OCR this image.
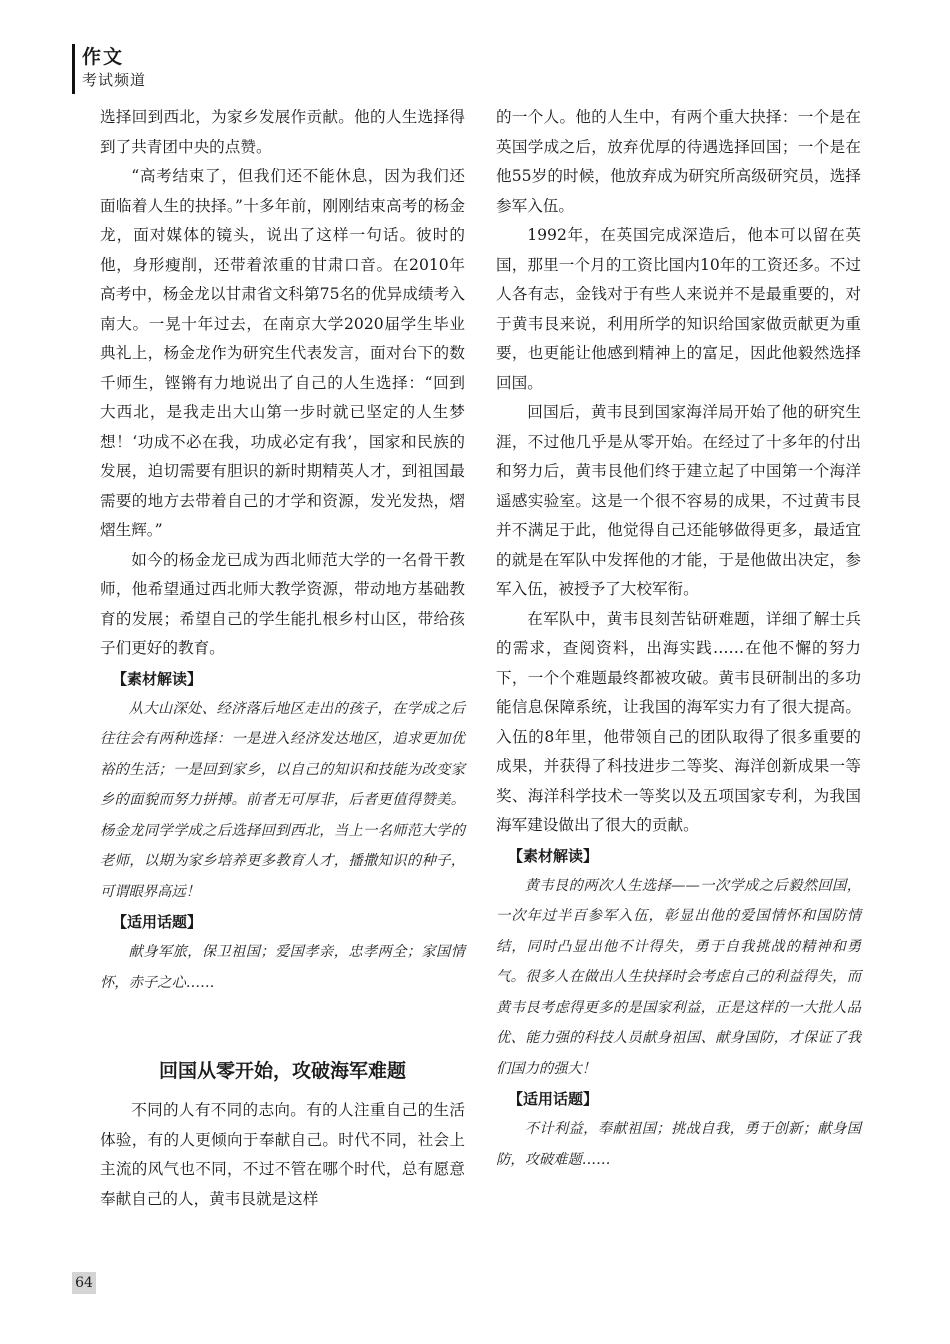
作文
考试频道

选择回到西北，为家乡发展作贡献。他的人生选择得到了共青团中央的点赞。

“高考结束了，但我们还不能休息，因为我们还面临着人生的抉择。”十多年前，刚刚结束高考的杨金龙，面对媒体的镜头，说出了这样一句话。彼时的他，身形瘦削，还带着浓重的甘肃口音。在2010年高考中，杨金龙以甘肃省文科第75名的优异成绩考入南大。一晃十年过去，在南京大学2020届学生毕业典礼上，杨金龙作为研究生代表发言，面对台下的数千师生，铿锵有力地说出了自己的人生选择：“回到大西北，是我走出大山第一步时就已坚定的人生梦想！‘功成不必在我，功成必定有我’，国家和民族的发展，迫切需要有胆识的新时期精英人才，到祖国最需要的地方去带着自己的才学和资源，发光发热，熠熠生辉。”

如今的杨金龙已成为西北师范大学的一名骨干教师，他希望通过西北师大教学资源，带动地方基础教育的发展；希望自己的学生能扎根乡村山区，带给孩子们更好的教育。

【素材解读】

从大山深处、经济落后地区走出的孩子，在学成之后往往会有两种选择：一是进入经济发达地区，追求更加优裕的生活；一是回到家乡，以自己的知识和技能为改变家乡的面貌而努力拼搏。前者无可厚非，后者更值得赞美。杨金龙同学学成之后选择回到西北，当上一名师范大学的老师，以期为家乡培养更多教育人才，播撒知识的种子，可谓眼界高远！

【适用话题】

献身军旅，保卫祖国；爱国孝亲，忠孝两全；家国情怀，赤子之心……

回国从零开始，攻破海军难题

不同的人有不同的志向。有的人注重自己的生活体验，有的人更倾向于奉献自己。时代不同，社会上主流的风气也不同，不过不管在哪个时代，总有愿意奉献自己的人，黄韦艮就是这样

的一个人。他的人生中，有两个重大抉择：一个是在英国学成之后，放弃优厚的待遇选择回国；一个是在他55岁的时候，他放弃成为研究所高级研究员，选择参军入伍。

1992年，在英国完成深造后，他本可以留在英国，那里一个月的工资比国内10年的工资还多。不过人各有志，金钱对于有些人来说并不是最重要的，对于黄韦艮来说，利用所学的知识给国家做贡献更为重要，也更能让他感到精神上的富足，因此他毅然选择回国。

回国后，黄韦艮到国家海洋局开始了他的研究生涯，不过他几乎是从零开始。在经过了十多年的付出和努力后，黄韦艮他们终于建立起了中国第一个海洋遥感实验室。这是一个很不容易的成果，不过黄韦艮并不满足于此，他觉得自己还能够做得更多，最适宜的就是在军队中发挥他的才能，于是他做出决定，参军入伍，被授予了大校军衔。

在军队中，黄韦艮刻苦钻研难题，详细了解士兵的需求，查阅资料，出海实践……在他不懈的努力下，一个个难题最终都被攻破。黄韦艮研制出的多功能信息保障系统，让我国的海军实力有了很大提高。入伍的8年里，他带领自己的团队取得了很多重要的成果，并获得了科技进步二等奖、海洋创新成果一等奖、海洋科学技术一等奖以及五项国家专利，为我国海军建设做出了很大的贡献。

【素材解读】

黄韦艮的两次人生选择——一次学成之后毅然回国，一次年过半百参军入伍，彰显出他的爱国情怀和国防情结，同时凸显出他不计得失，勇于自我挑战的精神和勇气。很多人在做出人生抉择时会考虑自己的利益得失，而黄韦艮考虑得更多的是国家利益，正是这样的一大批人品优、能力强的科技人员献身祖国、献身国防，才保证了我们国力的强大！

【适用话题】

不计利益，奉献祖国；挑战自我，勇于创新；献身国防，攻破难题……

64
